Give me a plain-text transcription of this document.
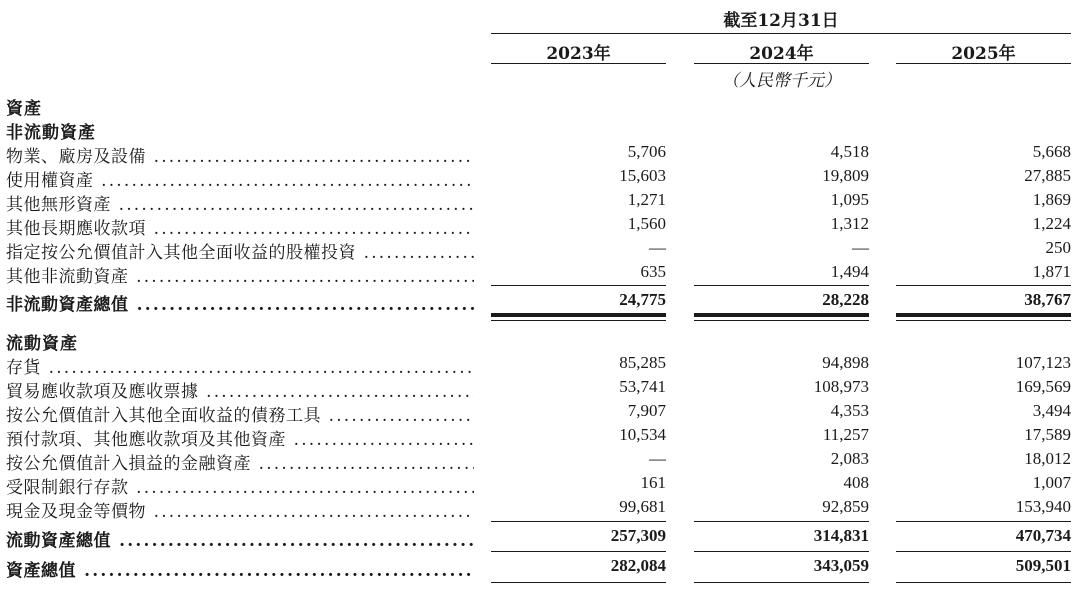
截至12月31日
2023年	2024年	2025年
（人民幣千元）
資產
非流動資產
物業、廠房及設備 .....	5,706	4,518	5,668
使用權資產 .....	15,603	19,809	27,885
其他無形資產 .....	1,271	1,095	1,869
其他長期應收款項 .....	1,560	1,312	1,224
指定按公允價值計入其他全面收益的股權投資 .....	—	—	250
其他非流動資產 .....	635	1,494	1,871
非流動資產總值 .....	24,775	28,228	38,767
流動資產
存貨 .....	85,285	94,898	107,123
貿易應收款項及應收票據 .....	53,741	108,973	169,569
按公允價值計入其他全面收益的債務工具 .....	7,907	4,353	3,494
預付款項、其他應收款項及其他資產 .....	10,534	11,257	17,589
按公允價值計入損益的金融資產 .....	—	2,083	18,012
受限制銀行存款 .....	161	408	1,007
現金及現金等價物 .....	99,681	92,859	153,940
流動資產總值 .....	257,309	314,831	470,734
資產總值 .....	282,084	343,059	509,501
